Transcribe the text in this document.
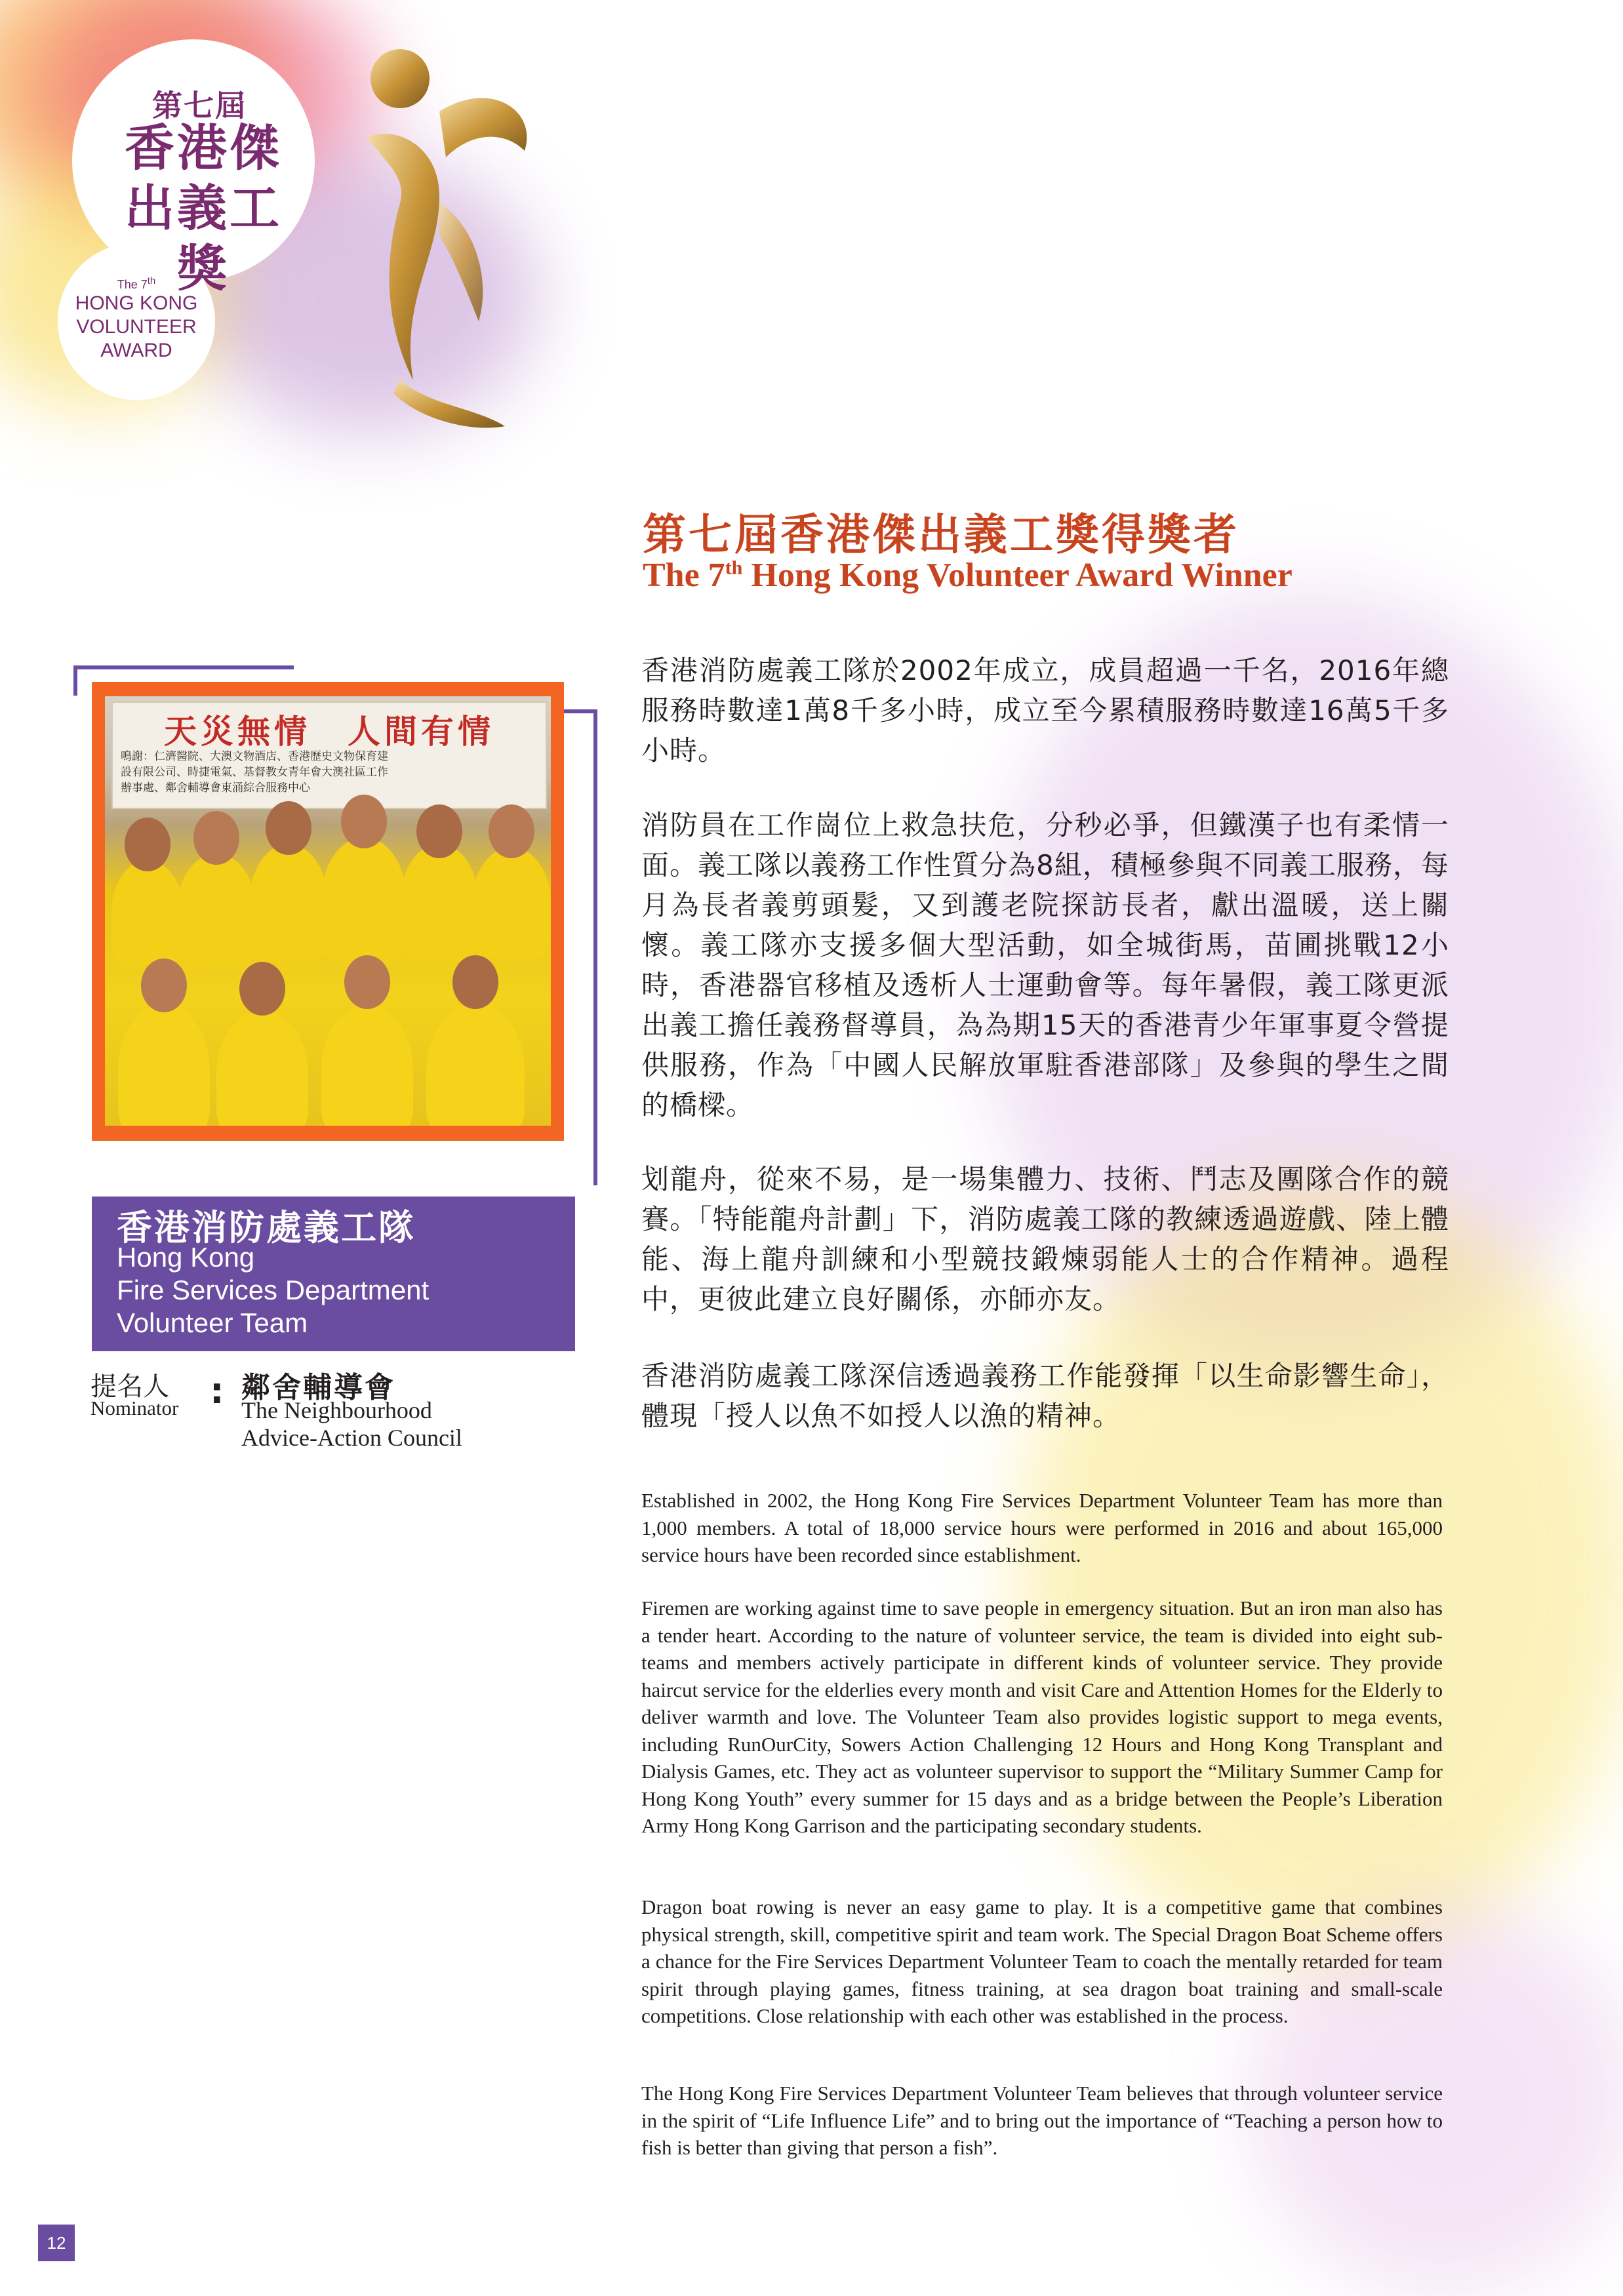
第七屆
香港傑出義工獎
The 7th
HONG KONG
VOLUNTEER
AWARD
第七屆香港傑出義工獎得獎者
The 7th Hong Kong Volunteer Award Winner
天災無情　人間有情
鳴謝：仁濟醫院、大澳文物酒店、香港歷史文物保育建設有限公司、時捷電氣、基督教女青年會大澳社區工作辦事處、鄰舍輔導會東涌綜合服務中心
香港消防處義工隊
Hong Kong
Fire Services Department
Volunteer Team
提名人
Nominator : 鄰舍輔導會
The Neighbourhood
Advice-Action Council
香港消防處義工隊於2002年成立，成員超過一千名，2016年總服務時數達1萬8千多小時，成立至今累積服務時數達16萬5千多小時。
消防員在工作崗位上救急扶危，分秒必爭，但鐵漢子也有柔情一面。義工隊以義務工作性質分為8組，積極參與不同義工服務，每月為長者義剪頭髮，又到護老院探訪長者，獻出溫暖，送上關懷。義工隊亦支援多個大型活動，如全城街馬，苗圃挑戰12小時，香港器官移植及透析人士運動會等。每年暑假，義工隊更派出義工擔任義務督導員，為為期15天的香港青少年軍事夏令營提供服務，作為「中國人民解放軍駐香港部隊」及參與的學生之間的橋樑。
划龍舟，從來不易，是一場集體力、技術、鬥志及團隊合作的競賽。「特能龍舟計劃」下，消防處義工隊的教練透過遊戲、陸上體能、海上龍舟訓練和小型競技鍛煉弱能人士的合作精神。過程中，更彼此建立良好關係，亦師亦友。
香港消防處義工隊深信透過義務工作能發揮「以生命影響生命」，體現「授人以魚不如授人以漁的精神。
Established in 2002, the Hong Kong Fire Services Department Volunteer Team has more than 1,000 members. A total of 18,000 service hours were performed in 2016 and about 165,000 service hours have been recorded since establishment.
Firemen are working against time to save people in emergency situation. But an iron man also has a tender heart. According to the nature of volunteer service, the team is divided into eight sub-teams and members actively participate in different kinds of volunteer service. They provide haircut service for the elderlies every month and visit Care and Attention Homes for the Elderly to deliver warmth and love. The Volunteer Team also provides logistic support to mega events, including RunOurCity, Sowers Action Challenging 12 Hours and Hong Kong Transplant and Dialysis Games, etc. They act as volunteer supervisor to support the “Military Summer Camp for Hong Kong Youth” every summer for 15 days and as a bridge between the People’s Liberation Army Hong Kong Garrison and the participating secondary students.
Dragon boat rowing is never an easy game to play. It is a competitive game that combines physical strength, skill, competitive spirit and team work. The Special Dragon Boat Scheme offers a chance for the Fire Services Department Volunteer Team to coach the mentally retarded for team spirit through playing games, fitness training, at sea dragon boat training and small-scale competitions. Close relationship with each other was established in the process.
The Hong Kong Fire Services Department Volunteer Team believes that through volunteer service in the spirit of “Life Influence Life” and to bring out the importance of “Teaching a person how to fish is better than giving that person a fish”.
12
